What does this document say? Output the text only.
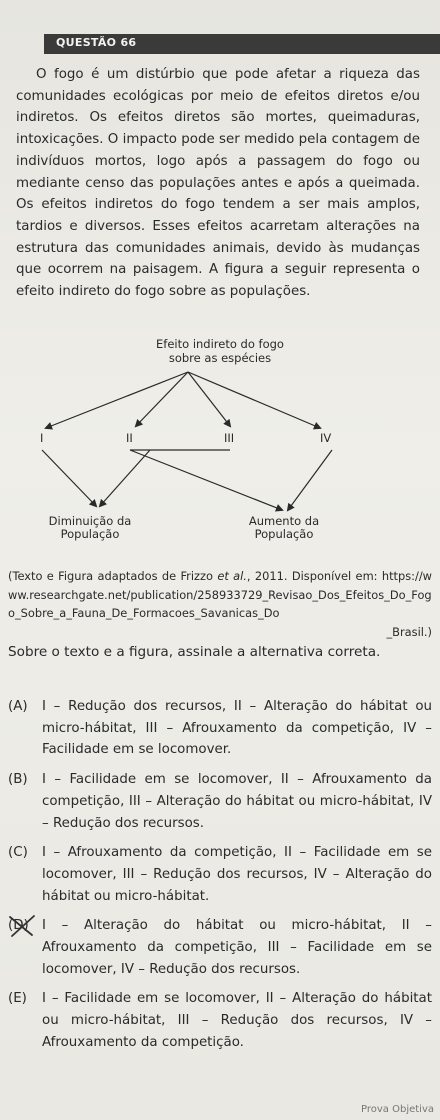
QUESTÃO 66

O fogo é um distúrbio que pode afetar a riqueza das comunidades ecológicas por meio de efeitos diretos e/ou indiretos. Os efeitos diretos são mortes, queimaduras, intoxicações. O impacto pode ser medido pela contagem de indivíduos mortos, logo após a passagem do fogo ou mediante censo das populações antes e após a queimada. Os efeitos indiretos do fogo tendem a ser mais amplos, tardios e diversos. Esses efeitos acarretam alterações na estrutura das comunidades animais, devido às mudanças que ocorrem na paisagem. A figura a seguir representa o efeito indireto do fogo sobre as populações.

Efeito indireto do fogo
sobre as espécies
I	II	III	IV
Diminuição da
População
Aumento da
População
(Texto e Figura adaptados de Frizzo et al., 2011. Disponível em: https://www.researchgate.net/publication/258933729_Revisao_Dos_Efeitos_Do_Fogo_Sobre_a_Fauna_De_Formacoes_Savanicas_Do
_Brasil.)
Sobre o texto e a figura, assinale a alternativa correta.
(A) I – Redução dos recursos, II – Alteração do hábitat ou micro-hábitat, III – Afrouxamento da competição, IV – Facilidade em se locomover.
(B) I – Facilidade em se locomover, II – Afrouxamento da competição, III – Alteração do hábitat ou micro-hábitat, IV – Redução dos recursos.
(C) I – Afrouxamento da competição, II – Facilidade em se locomover, III – Redução dos recursos, IV – Alteração do hábitat ou micro-hábitat.
(D) I – Alteração do hábitat ou micro-hábitat, II – Afrouxamento da competição, III – Facilidade em se locomover, IV – Redução dos recursos.
(E) I – Facilidade em se locomover, II – Alteração do hábitat ou micro-hábitat, III – Redução dos recursos, IV – Afrouxamento da competição.
Prova Objetiva
